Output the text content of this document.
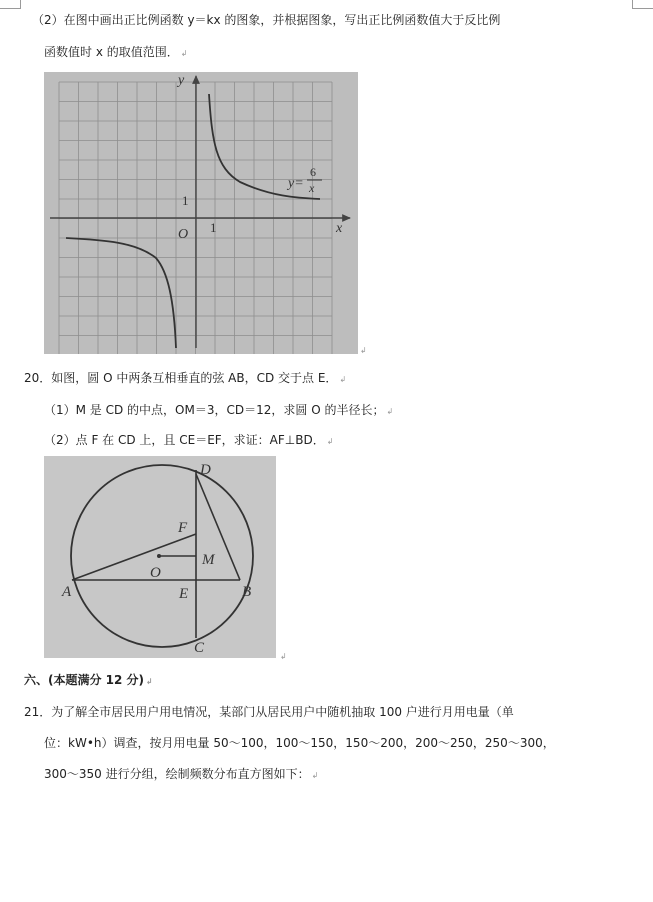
（2）在图中画出正比例函数 y＝kx 的图象，并根据图象，写出正比例函数值大于反比例
函数值时 x 的取值范围． ↲
y
x
O 1
1
y=
6
x
↲
20．如图，圆 O 中两条互相垂直的弦 AB，CD 交于点 E． ↲
（1）M 是 CD 的中点，OM＝3，CD＝12，求圆 O 的半径长； ↲
（2）点 F 在 CD 上，且 CE＝EF，求证：AF⊥BD． ↲
D
F
M
O
A	E	B
C
↲
六、(本题满分 12 分) ↲
21．为了解全市居民用户用电情况，某部门从居民用户中随机抽取 100 户进行月用电量（单
位：kW•h）调查，按月用电量 50～100，100～150，150～200，200～250，250～300，
300～350 进行分组，绘制频数分布直方图如下： ↲
